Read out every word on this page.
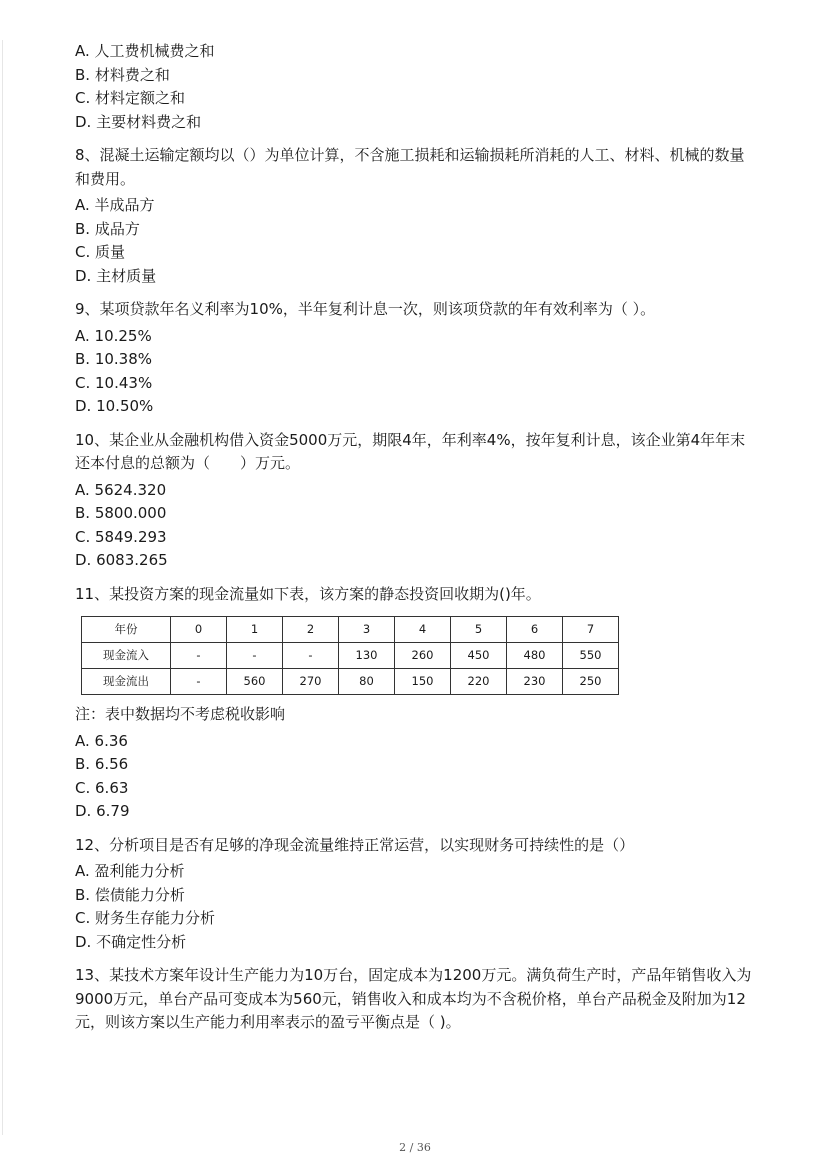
A. 人工费机械费之和
B. 材料费之和
C. 材料定额之和
D. 主要材料费之和
8、混凝土运输定额均以（）为单位计算，不含施工损耗和运输损耗所消耗的人工、材料、机械的数量和费用。
A. 半成品方
B. 成品方
C. 质量
D. 主材质量
9、某项贷款年名义利率为10%，半年复利计息一次，则该项贷款的年有效利率为（ ）。
A. 10.25%
B. 10.38%
C. 10.43%
D. 10.50%
10、某企业从金融机构借入资金5000万元，期限4年，年利率4%，按年复利计息，该企业第4年年末还本付息的总额为（　　）万元。
A. 5624.320
B. 5800.000
C. 5849.293
D. 6083.265
11、某投资方案的现金流量如下表，该方案的静态投资回收期为()年。
年份	0	1	2	3	4	5	6	7
现金流入	-	-	-	130	260	450	480	550
现金流出	-	560	270	80	150	220	230	250
注：表中数据均不考虑税收影响
A. 6.36
B. 6.56
C. 6.63
D. 6.79
12、分析项目是否有足够的净现金流量维持正常运营，以实现财务可持续性的是（）
A. 盈利能力分析
B. 偿债能力分析
C. 财务生存能力分析
D. 不确定性分析
13、某技术方案年设计生产能力为10万台，固定成本为1200万元。满负荷生产时，产品年销售收入为9000万元，单台产品可变成本为560元，销售收入和成本均为不含税价格，单台产品税金及附加为12元，则该方案以生产能力利用率表示的盈亏平衡点是（ )。
2 / 36
